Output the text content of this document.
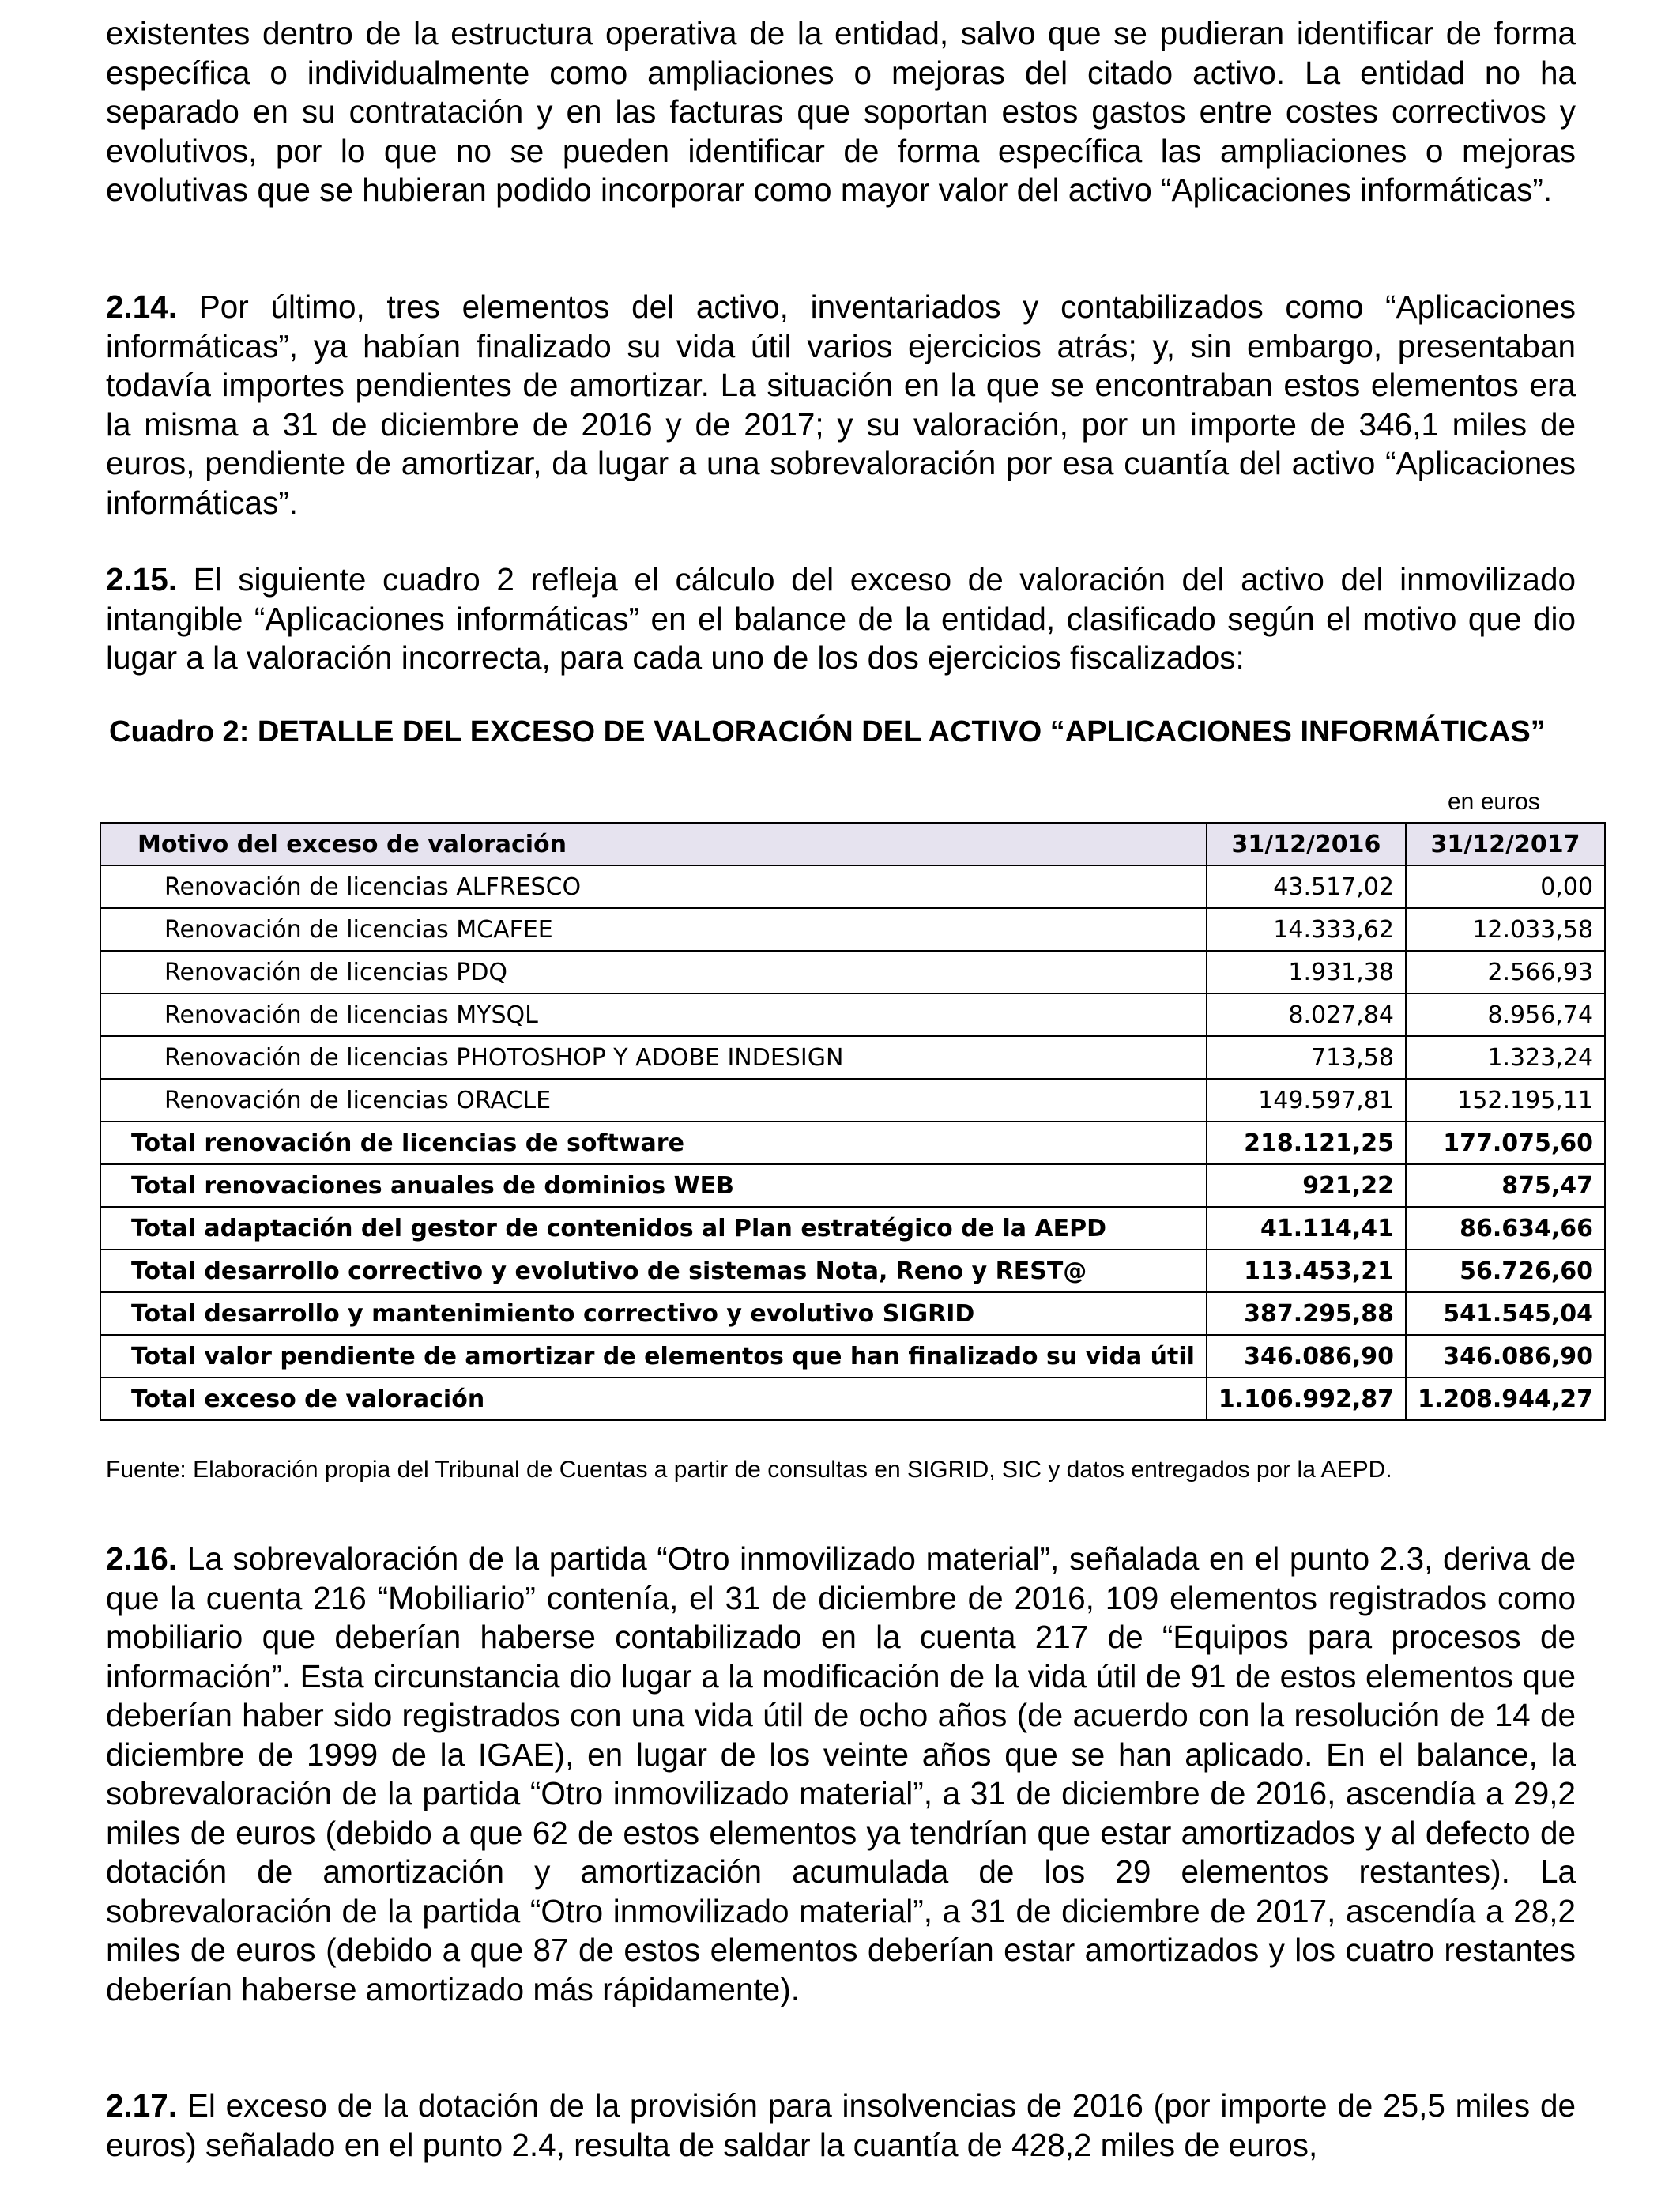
existentes dentro de la estructura operativa de la entidad, salvo que se pudieran identificar de forma específica o individualmente como ampliaciones o mejoras del citado activo. La entidad no ha separado en su contratación y en las facturas que soportan estos gastos entre costes correctivos y evolutivos, por lo que no se pueden identificar de forma específica las ampliaciones o mejoras evolutivas que se hubieran podido incorporar como mayor valor del activo “Aplicaciones informáticas”.

2.14. Por último, tres elementos del activo, inventariados y contabilizados como “Aplicaciones informáticas”, ya habían finalizado su vida útil varios ejercicios atrás; y, sin embargo, presentaban todavía importes pendientes de amortizar. La situación en la que se encontraban estos elementos era la misma a 31 de diciembre de 2016 y de 2017; y su valoración, por un importe de 346,1 miles de euros, pendiente de amortizar, da lugar a una sobrevaloración por esa cuantía del activo “Aplicaciones informáticas”.

2.15. El siguiente cuadro 2 refleja el cálculo del exceso de valoración del activo del inmovilizado intangible “Aplicaciones informáticas” en el balance de la entidad, clasificado según el motivo que dio lugar a la valoración incorrecta, para cada uno de los dos ejercicios fiscalizados:

Cuadro 2: DETALLE DEL EXCESO DE VALORACIÓN DEL ACTIVO “APLICACIONES INFORMÁTICAS”
en euros
Motivo del exceso de valoración	31/12/2016	31/12/2017
Renovación de licencias ALFRESCO	43.517,02	0,00
Renovación de licencias MCAFEE	14.333,62	12.033,58
Renovación de licencias PDQ	1.931,38	2.566,93
Renovación de licencias MYSQL	8.027,84	8.956,74
Renovación de licencias PHOTOSHOP Y ADOBE INDESIGN	713,58	1.323,24
Renovación de licencias ORACLE	149.597,81	152.195,11
Total renovación de licencias de software	218.121,25	177.075,60
Total renovaciones anuales de dominios WEB	921,22	875,47
Total adaptación del gestor de contenidos al Plan estratégico de la AEPD	41.114,41	86.634,66
Total desarrollo correctivo y evolutivo de sistemas Nota, Reno y REST@	113.453,21	56.726,60
Total desarrollo y mantenimiento correctivo y evolutivo SIGRID	387.295,88	541.545,04
Total valor pendiente de amortizar de elementos que han finalizado su vida útil	346.086,90	346.086,90
Total exceso de valoración	1.106.992,87	1.208.944,27
Fuente: Elaboración propia del Tribunal de Cuentas a partir de consultas en SIGRID, SIC y datos entregados por la AEPD.

2.16. La sobrevaloración de la partida “Otro inmovilizado material”, señalada en el punto 2.3, deriva de que la cuenta 216 “Mobiliario” contenía, el 31 de diciembre de 2016, 109 elementos registrados como mobiliario que deberían haberse contabilizado en la cuenta 217 de “Equipos para procesos de información”. Esta circunstancia dio lugar a la modificación de la vida útil de 91 de estos elementos que deberían haber sido registrados con una vida útil de ocho años (de acuerdo con la resolución de 14 de diciembre de 1999 de la IGAE), en lugar de los veinte años que se han aplicado. En el balance, la sobrevaloración de la partida “Otro inmovilizado material”, a 31 de diciembre de 2016, ascendía a 29,2 miles de euros (debido a que 62 de estos elementos ya tendrían que estar amortizados y al defecto de dotación de amortización y amortización acumulada de los 29 elementos restantes). La sobrevaloración de la partida “Otro inmovilizado material”, a 31 de diciembre de 2017, ascendía a 28,2 miles de euros (debido a que 87 de estos elementos deberían estar amortizados y los cuatro restantes deberían haberse amortizado más rápidamente).

2.17. El exceso de la dotación de la provisión para insolvencias de 2016 (por importe de 25,5 miles de euros) señalado en el punto 2.4, resulta de saldar la cuantía de 428,2 miles de euros,
